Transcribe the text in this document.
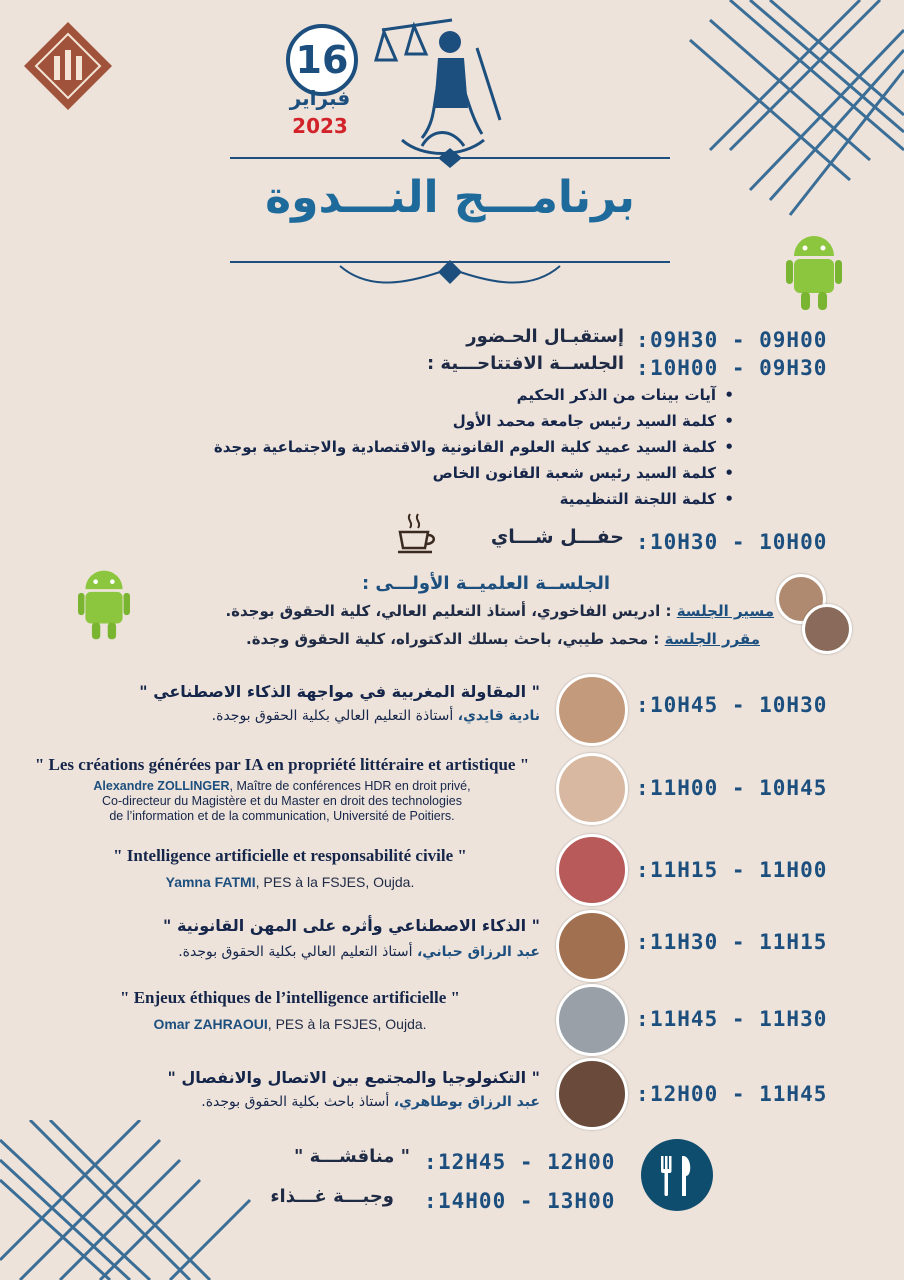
16
فبراير
2023
برنامـــج النـــدوة
: 09H30 - 09H00
إستقبـال الحـضور
: 10H00 - 09H30
الجلســة الافتتاحـــية :
• آيات بينات من الذكر الحكيم
• كلمة السيد رئيس جامعة محمد الأول
• كلمة السيد عميد كلية العلوم القانونية والاقتصادية والاجتماعية بوجدة
• كلمة السيد رئيس شعبة القانون الخاص
• كلمة اللجنة التنظيمية
: 10H30 - 10H00
حفـــل شـــاي
الجلســة العلميــة الأولـــى :
مسير الجلسة : ادريس الفاخوري، أستاذ التعليم العالي، كلية الحقوق بوجدة.
مقرر الجلسة : محمد طيبي، باحث بسلك الدكتوراه، كلية الحقوق وجدة.
: 10H45 - 10H30
" المقاولة المغربية في مواجهة الذكاء الاصطناعي "
نادية قايدي، أستاذة التعليم العالي بكلية الحقوق بوجدة.
: 11H00 - 10H45
" Les créations générées par IA en propriété littéraire et artistique "
Alexandre ZOLLINGER, Maître de conférences HDR en droit privé,
Co-directeur du Magistère et du Master en droit des technologies
de l’information et de la communication, Université de Poitiers.
: 11H15 - 11H00
" Intelligence artificielle et responsabilité civile "
Yamna FATMI, PES à la FSJES, Oujda.
: 11H30 - 11H15
" الذكاء الاصطناعي وأثره على المهن القانونية "
عبد الرزاق حباني، أستاذ التعليم العالي بكلية الحقوق بوجدة.
: 11H45 - 11H30
" Enjeux éthiques de l’intelligence artificielle "
Omar ZAHRAOUI, PES à la FSJES, Oujda.
: 12H00 - 11H45
" التكنولوجيا والمجتمع بين الاتصال والانفصال "
عبد الرزاق بوطاهري، أستاذ باحث بكلية الحقوق بوجدة.
" مناقشـــة " : 12H45 - 12H00
وجبـــة غـــذاء : 14H00 - 13H00
